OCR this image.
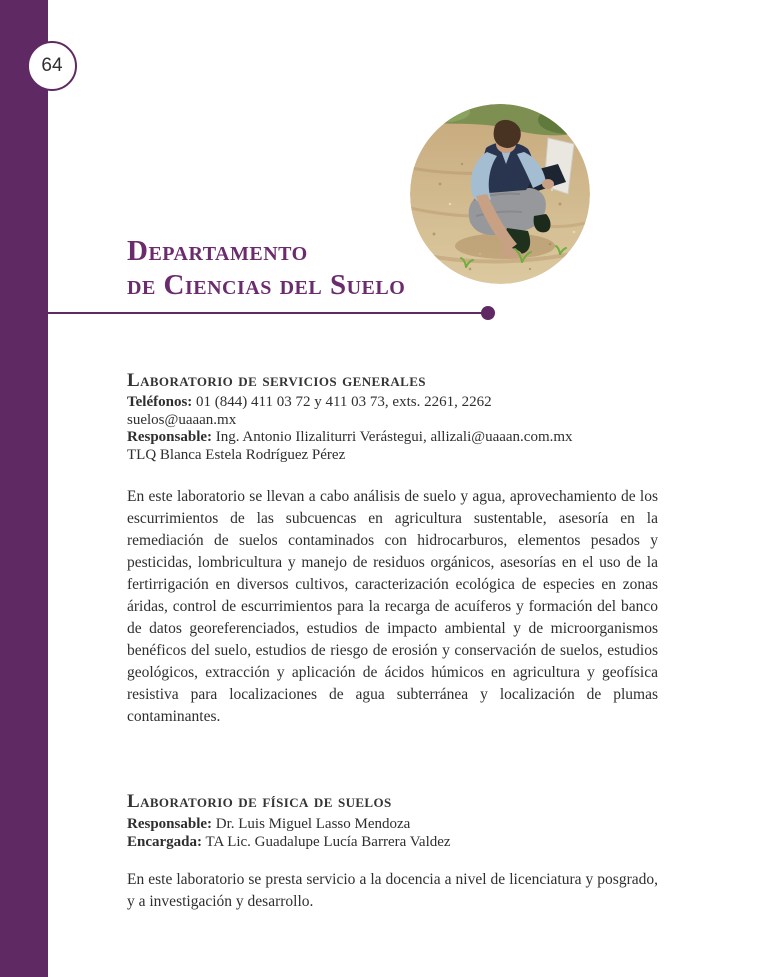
64
Departamento
de Ciencias del Suelo
Laboratorio de servicios generales
Teléfonos: 01 (844) 411 03 72 y 411 03 73, exts. 2261, 2262
suelos@uaaan.mx
Responsable: Ing. Antonio Ilizaliturri Verástegui, allizali@uaaan.com.mx
TLQ Blanca Estela Rodríguez Pérez
En este laboratorio se llevan a cabo análisis de suelo y agua, aprovechamiento de los escurrimientos de las subcuencas en agricultura sustentable, asesoría en la remediación de suelos contaminados con hidrocarburos, elementos pesados y pesticidas, lombricultura y manejo de residuos orgánicos, asesorías en el uso de la fertirrigación en diversos cultivos, caracterización ecológica de especies en zonas áridas, control de escurrimientos para la recarga de acuíferos y formación del banco de datos georeferenciados, estudios de impacto ambiental y de microorganismos benéficos del suelo, estudios de riesgo de erosión y conservación de suelos, estudios geológicos, extracción y aplicación de ácidos húmicos en agricultura y geofísica resistiva para localizaciones de agua subterránea y localización de plumas contaminantes.
Laboratorio de física de suelos
Responsable: Dr. Luis Miguel Lasso Mendoza
Encargada: TA Lic. Guadalupe Lucía Barrera Valdez
En este laboratorio se presta servicio a la docencia a nivel de licenciatura y posgrado, y a investigación y desarrollo.
